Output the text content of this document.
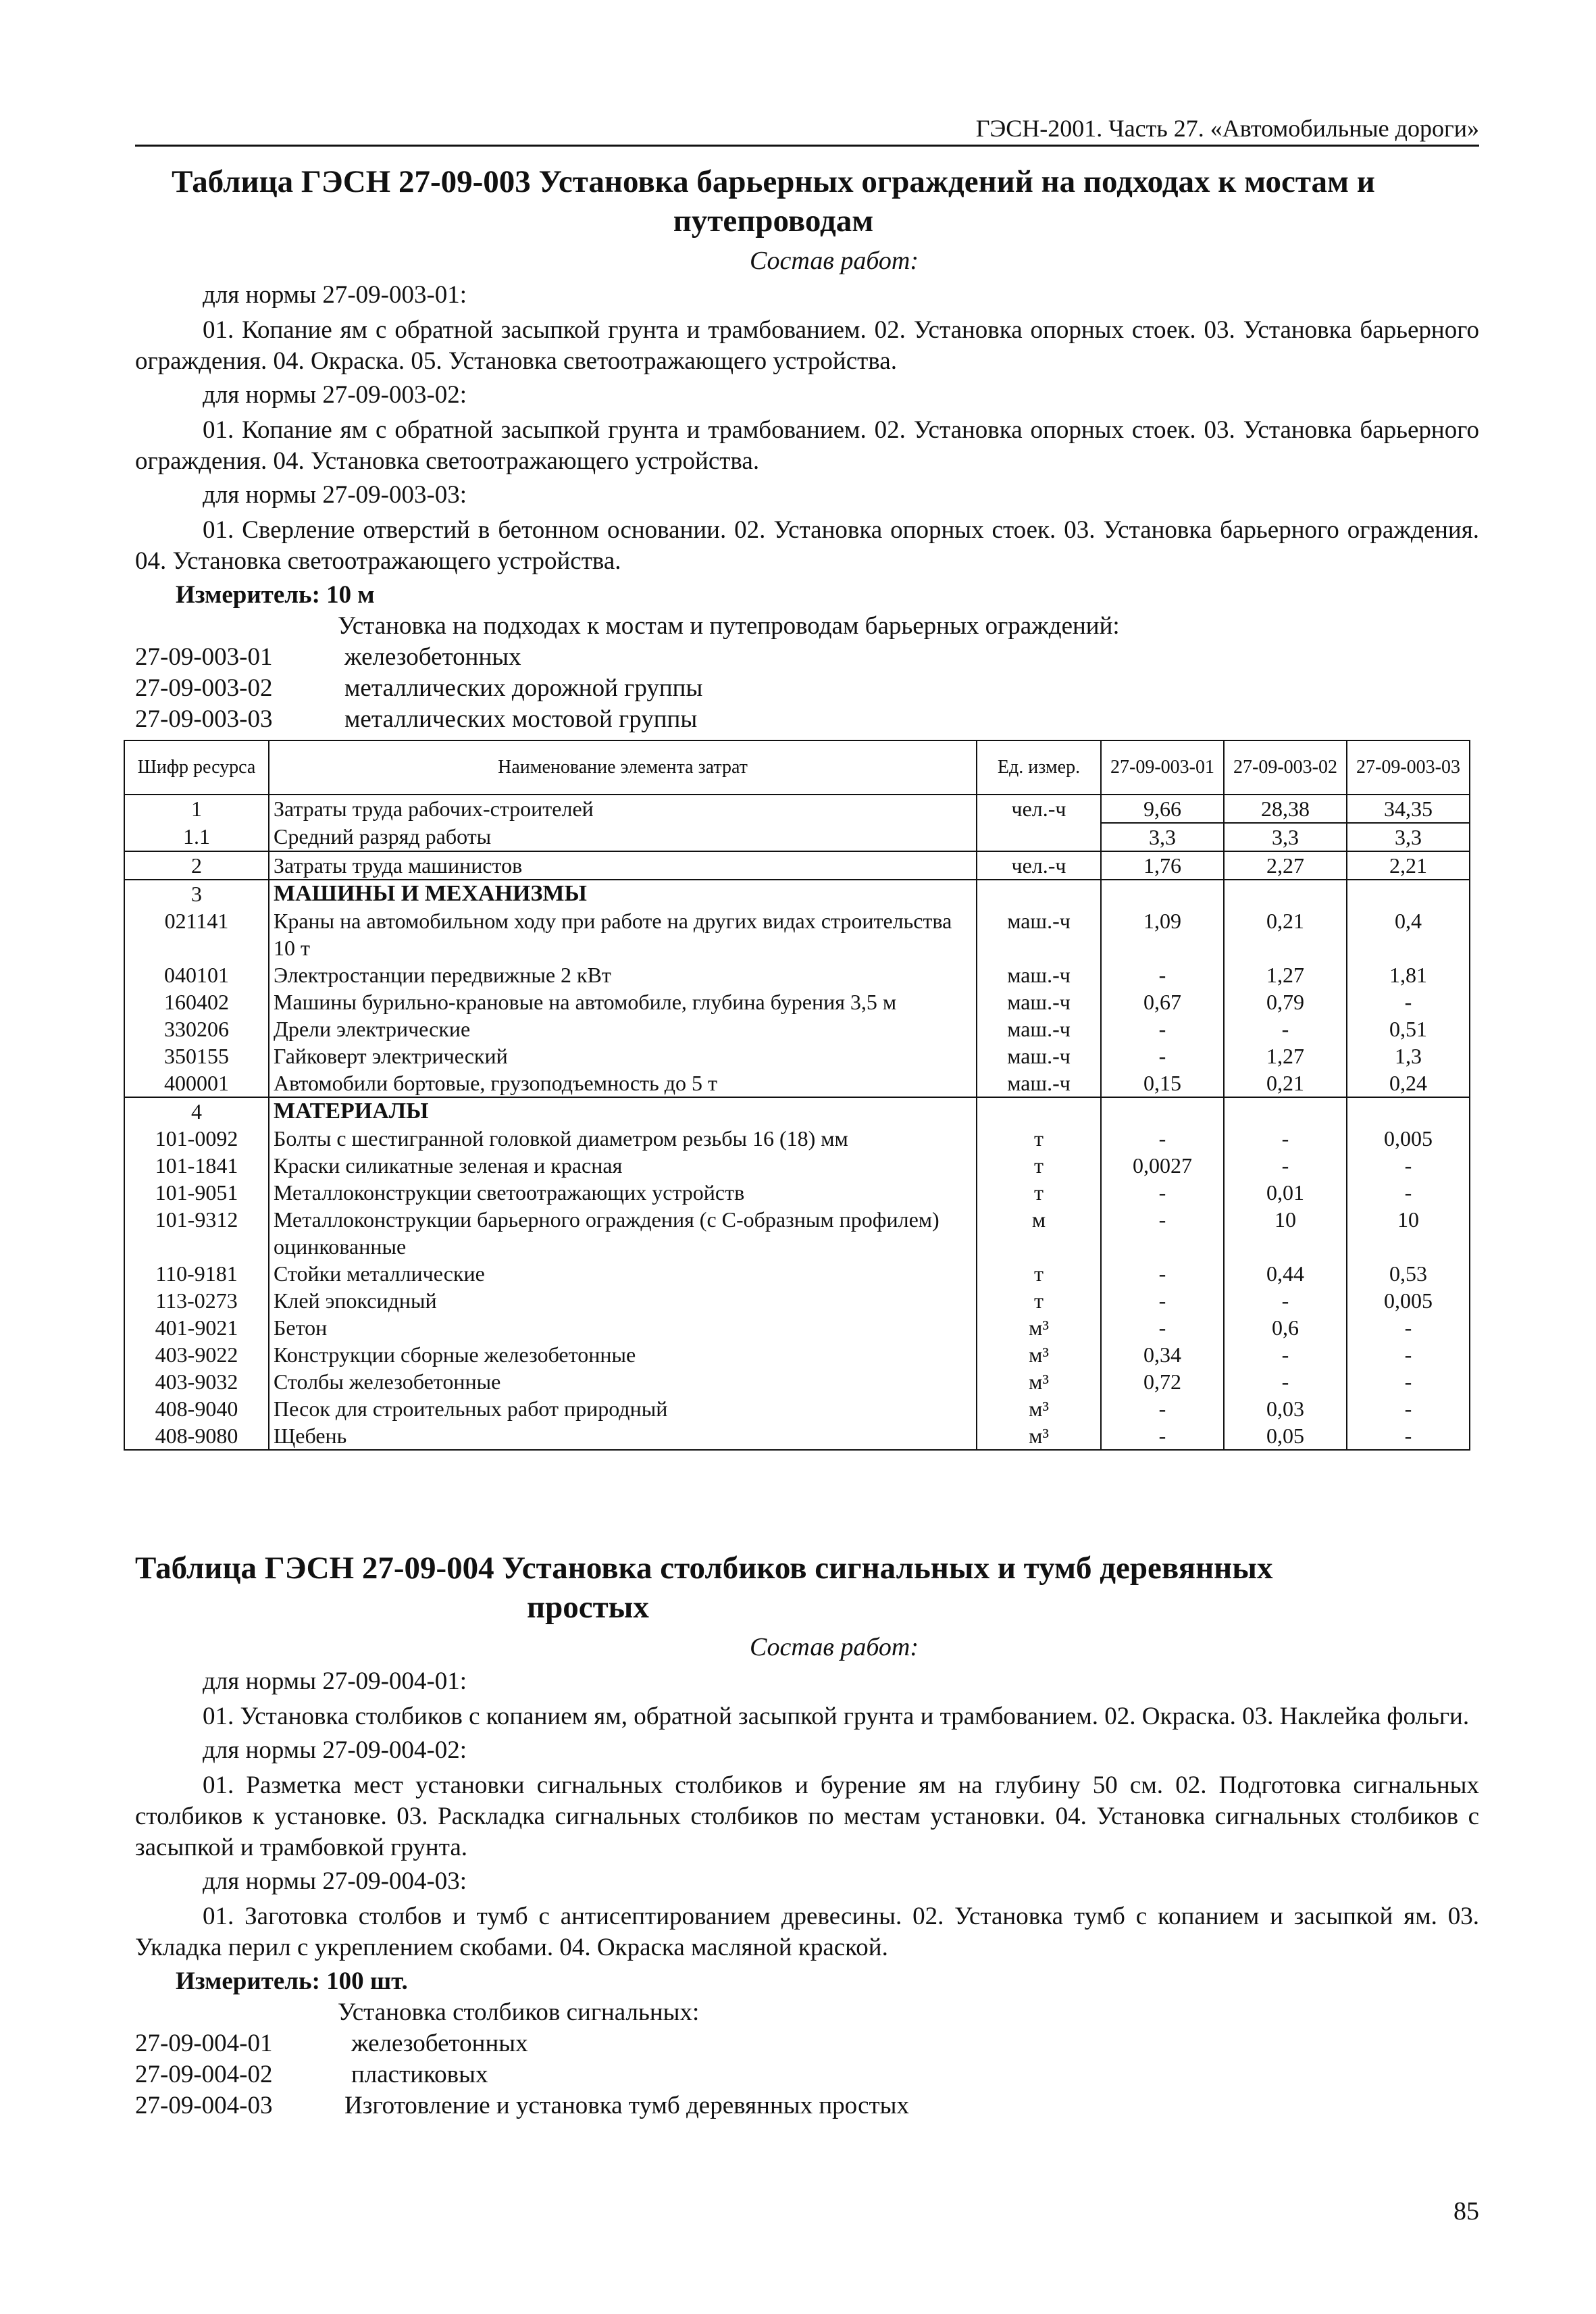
ГЭСН-2001. Часть 27. «Автомобильные дороги»
Таблица ГЭСН 27-09-003 Установка барьерных ограждений на подходах к мостам и
путепроводам
Состав работ:
для нормы 27-09-003-01:
01. Копание ям с обратной засыпкой грунта и трамбованием. 02. Установка опорных стоек. 03. Установка барьерного ограждения. 04. Окраска. 05. Установка светоотражающего устройства.
для нормы 27-09-003-02:
01. Копание ям с обратной засыпкой грунта и трамбованием. 02. Установка опорных стоек. 03. Установка барьерного ограждения. 04. Установка светоотражающего устройства.
для нормы 27-09-003-03:
01. Сверление отверстий в бетонном основании. 02. Установка опорных стоек. 03. Установка барьерного ограждения. 04. Установка светоотражающего устройства.
Измеритель: 10 м
Установка на подходах к мостам и путепроводам барьерных ограждений:
27-09-003-01	железобетонных
27-09-003-02	металлических дорожной группы
27-09-003-03	металлических мостовой группы
Шифр ресурса	Наименование элемента затрат	Ед. измер.	27-09-003-01	27-09-003-02	27-09-003-03
1	Затраты труда рабочих-строителей	чел.-ч	9,66	28,38	34,35
1.1	Средний разряд работы		3,3	3,3	3,3
2	Затраты труда машинистов	чел.-ч	1,76	2,27	2,21
3	МАШИНЫ И МЕХАНИЗМЫ				
021141	Краны на автомобильном ходу при работе на других видах строительства 10 т	маш.-ч	1,09	0,21	0,4
040101	Электростанции передвижные 2 кВт	маш.-ч	-	1,27	1,81
160402	Машины бурильно-крановые на автомобиле, глубина бурения 3,5 м	маш.-ч	0,67	0,79	-
330206	Дрели электрические	маш.-ч	-	-	0,51
350155	Гайковерт электрический	маш.-ч	-	1,27	1,3
400001	Автомобили бортовые, грузоподъемность до 5 т	маш.-ч	0,15	0,21	0,24
4	МАТЕРИАЛЫ				
101-0092	Болты с шестигранной головкой диаметром резьбы 16 (18) мм	т	-	-	0,005
101-1841	Краски силикатные зеленая и красная	т	0,0027	-	-
101-9051	Металлоконструкции светоотражающих устройств	т	-	0,01	-
101-9312	Металлоконструкции барьерного ограждения (с С-образным профилем) оцинкованные	м	-	10	10
110-9181	Стойки металлические	т	-	0,44	0,53
113-0273	Клей эпоксидный	т	-	-	0,005
401-9021	Бетон	м³	-	0,6	-
403-9022	Конструкции сборные железобетонные	м³	0,34	-	-
403-9032	Столбы железобетонные	м³	0,72	-	-
408-9040	Песок для строительных работ природный	м³	-	0,03	-
408-9080	Щебень	м³	-	0,05	-
Таблица ГЭСН 27-09-004 Установка столбиков сигнальных и тумб деревянных
простых
Состав работ:
для нормы 27-09-004-01:
01. Установка столбиков с копанием ям, обратной засыпкой грунта и трамбованием. 02. Окраска. 03. Наклейка фольги.
для нормы 27-09-004-02:
01. Разметка мест установки сигнальных столбиков и бурение ям на глубину 50 см. 02. Подготовка сигнальных столбиков к установке. 03. Раскладка сигнальных столбиков по местам установки. 04. Установка сигнальных столбиков с засыпкой и трамбовкой грунта.
для нормы 27-09-004-03:
01. Заготовка столбов и тумб с антисептированием древесины. 02. Установка тумб с копанием и засыпкой ям. 03. Укладка перил с укреплением скобами. 04. Окраска масляной краской.
Измеритель: 100 шт.
Установка столбиков сигнальных:
27-09-004-01	железобетонных
27-09-004-02	пластиковых
27-09-004-03	Изготовление и установка тумб деревянных простых
85
